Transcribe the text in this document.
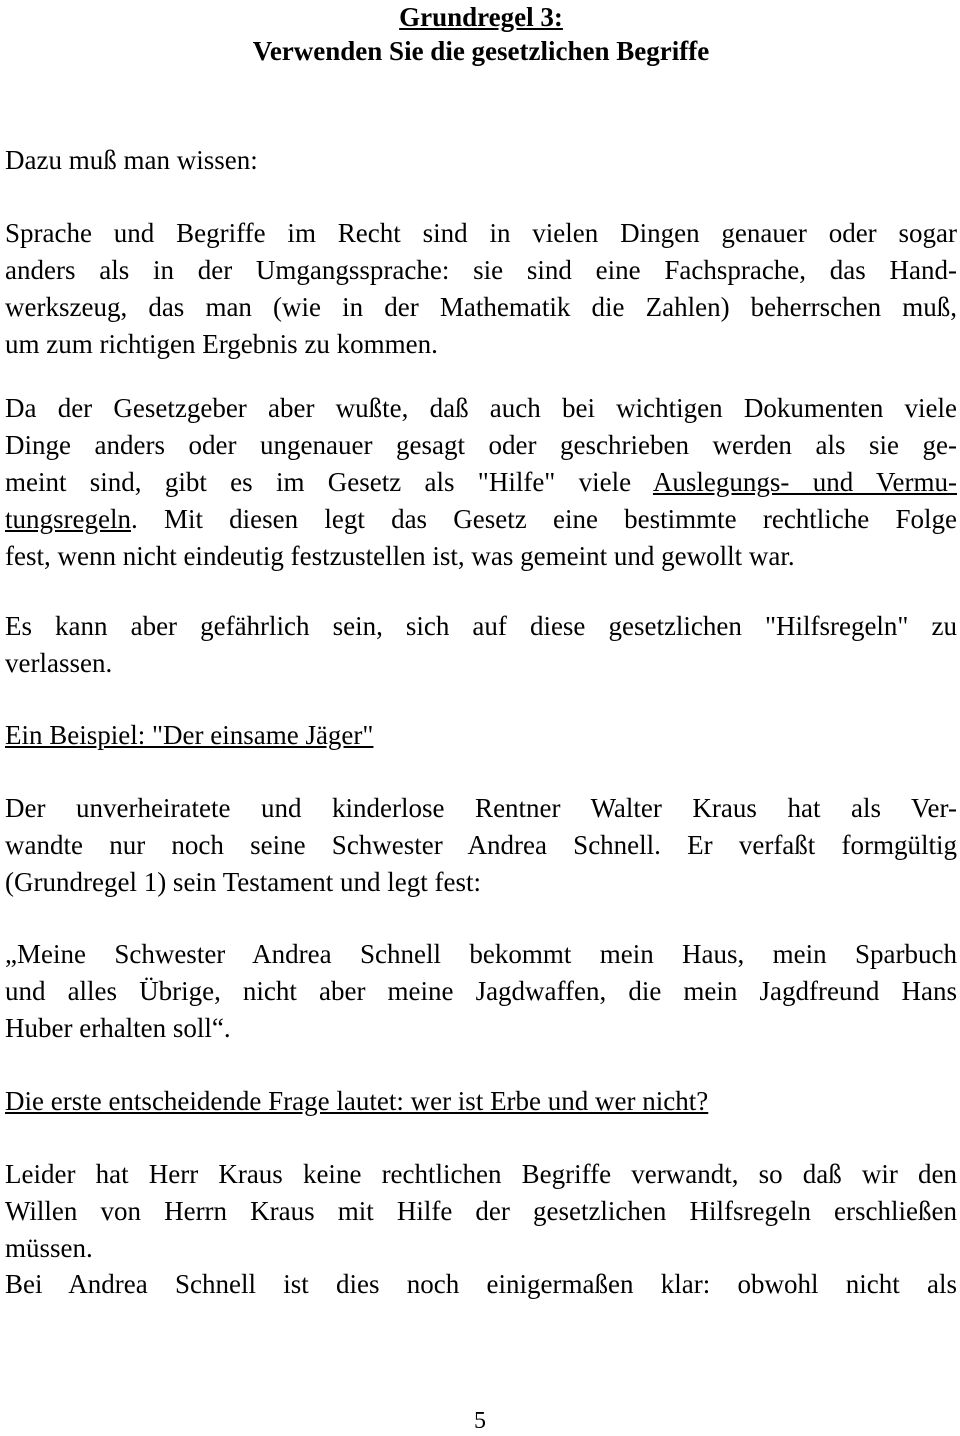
Grundregel 3:
Verwenden Sie die gesetzlichen Begriffe
Dazu muß man wissen:
Sprache und Begriffe im Recht sind in vielen Dingen genauer oder sogar
anders als in der Umgangssprache: sie sind eine Fachsprache, das Hand-
werkszeug, das man (wie in der Mathematik die Zahlen) beherrschen muß,
um zum richtigen Ergebnis zu kommen.
Da der Gesetzgeber aber wußte, daß auch bei wichtigen Dokumenten viele
Dinge anders oder ungenauer gesagt oder geschrieben werden als sie ge-
meint sind, gibt es im Gesetz als "Hilfe" viele Auslegungs- und Vermu-
tungsregeln. Mit diesen legt das Gesetz eine bestimmte rechtliche Folge
fest, wenn nicht eindeutig festzustellen ist, was gemeint und gewollt war.
Es kann aber gefährlich sein, sich auf diese gesetzlichen "Hilfsregeln" zu
verlassen.
Ein Beispiel: "Der einsame Jäger"
Der unverheiratete und kinderlose Rentner Walter Kraus hat als Ver-
wandte nur noch seine Schwester Andrea Schnell. Er verfaßt formgültig
(Grundregel 1) sein Testament und legt fest:
„Meine Schwester Andrea Schnell bekommt mein Haus, mein Sparbuch
und alles Übrige, nicht aber meine Jagdwaffen, die mein Jagdfreund Hans
Huber erhalten soll“.
Die erste entscheidende Frage lautet: wer ist Erbe und wer nicht?
Leider hat Herr Kraus keine rechtlichen Begriffe verwandt, so daß wir den
Willen von Herrn Kraus mit Hilfe der gesetzlichen Hilfsregeln erschließen
müssen.
Bei Andrea Schnell ist dies noch einigermaßen klar: obwohl nicht als
5
